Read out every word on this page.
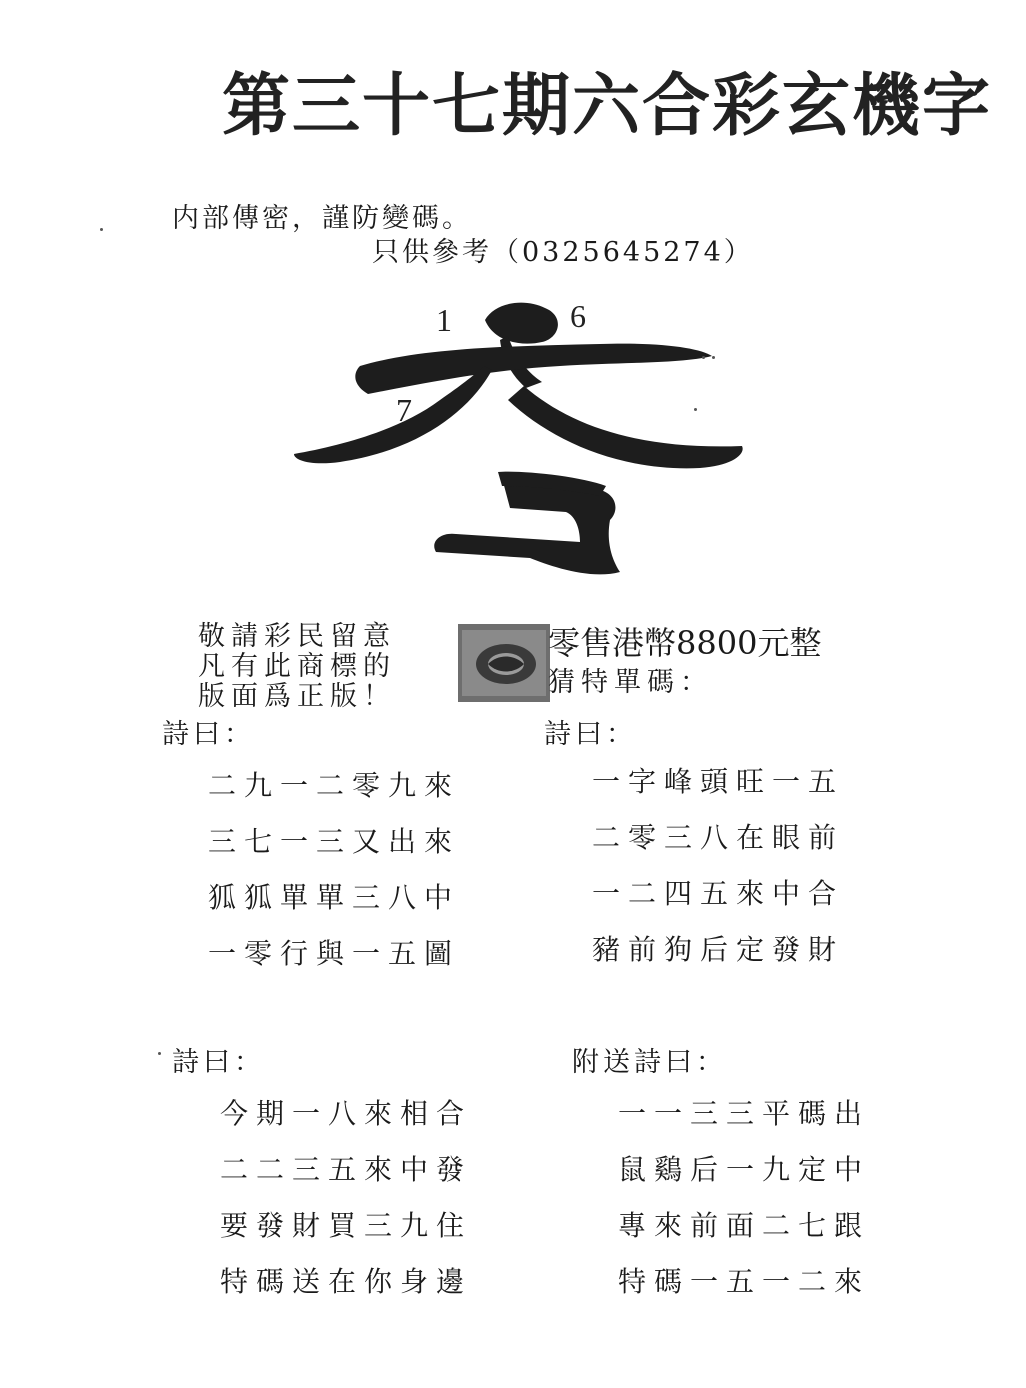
第三十七期六合彩玄機字
内部傳密，謹防變碼。
只供參考（0325645274）
1	6
7
敬請彩民留意
凡有此商標的
版面爲正版！
零售港幣8800元整
猜特單碼：
詩曰：
二九一二零九來
三七一三又出來
狐狐單單三八中
一零行與一五圖
詩曰：
一字峰頭旺一五
二零三八在眼前
一二四五來中合
豬前狗后定發財
詩曰：
今期一八來相合
二二三五來中發
要發財買三九住
特碼送在你身邊
附送詩曰：
一一三三平碼出
鼠鷄后一九定中
專來前面二七跟
特碼一五一二來
